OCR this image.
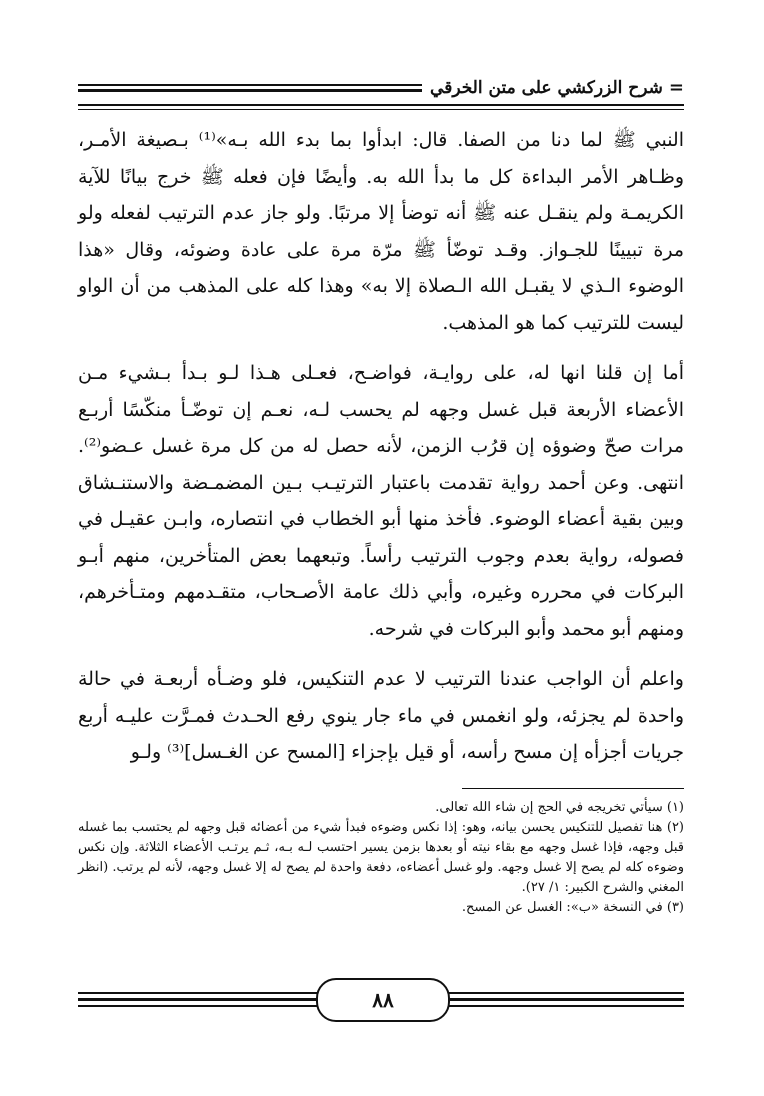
=
شرح الزركشي على متن الخرقي

النبي ﷺ لما دنا من الصفا. قال: ابدأوا بما بدء الله بـه»⁽¹⁾ بـصيغة الأمـر، وظـاهر الأمر البداءة كل ما بدأ الله به. وأيضًا فإن فعله ﷺ خرج بيانًا للآية الكريمـة ولم ينقـل عنه ﷺ أنه توضأ إلا مرتبًا. ولو جاز عدم الترتيب لفعله ولو مرة تبيينًا للجـواز. وقـد توضّأ ﷺ مرّة مرة على عادة وضوئه، وقال «هذا الوضوء الـذي لا يقبـل الله الـصلاة إلا به» وهذا كله على المذهب من أن الواو ليست للترتيب كما هو المذهب.

أما إن قلنا انها له، على روايـة، فواضـح، فعـلى هـذا لـو بـدأ بـشيء مـن الأعضاء الأربعة قبل غسل وجهه لم يحسب لـه، نعـم إن توضّـأ منكّسًا أربـع مرات صحّ وضوؤه إن قرُب الزمن، لأنه حصل له من كل مرة غسل عـضو⁽²⁾. انتهى. وعن أحمد رواية تقدمت باعتبار الترتيـب بـين المضمـضة والاستنـشاق وبين بقية أعضاء الوضوء. فأخذ منها أبو الخطاب في انتصاره، وابـن عقيـل في فصوله، رواية بعدم وجوب الترتيب رأساً. وتبعهما بعض المتأخرين، منهم أبـو البركات في محرره وغيره، وأبي ذلك عامة الأصـحاب، متقـدمهم ومتـأخرهم، ومنهم أبو محمد وأبو البركات في شرحه.

واعلم أن الواجب عندنا الترتيب لا عدم التنكيس، فلو وضـأه أربعـة في حالة واحدة لم يجزئه، ولو انغمس في ماء جار ينوي رفع الحـدث فمـرَّت عليـه أربع جريات أجزأه إن مسح رأسه، أو قيل بإجزاء [المسح عن الغـسل]⁽³⁾ ولـو

(١) سيأتي تخريجه في الحج إن شاء الله تعالى.

(٢) هنا تفصيل للتنكيس يحسن بيانه، وهو: إذا نكس وضوءه فبدأ شيء من أعضائه قبل وجهه لم يحتسب بما غسله قبل وجهه، فإذا غسل وجهه مع بقاء نيته أو بعدها بزمن يسير احتسب لـه بـه، ثـم يرتـب الأعضاء الثلاثة. وإن نكس وضوءه كله لم يصح إلا غسل وجهه. ولو غسل أعضاءه، دفعة واحدة لم يصح له إلا غسل وجهه، لأنه لم يرتب. (انظر المغني والشرح الكبير: ١/ ٢٧).

(٣) في النسخة «ب»: الغسل عن المسح.

٨٨
